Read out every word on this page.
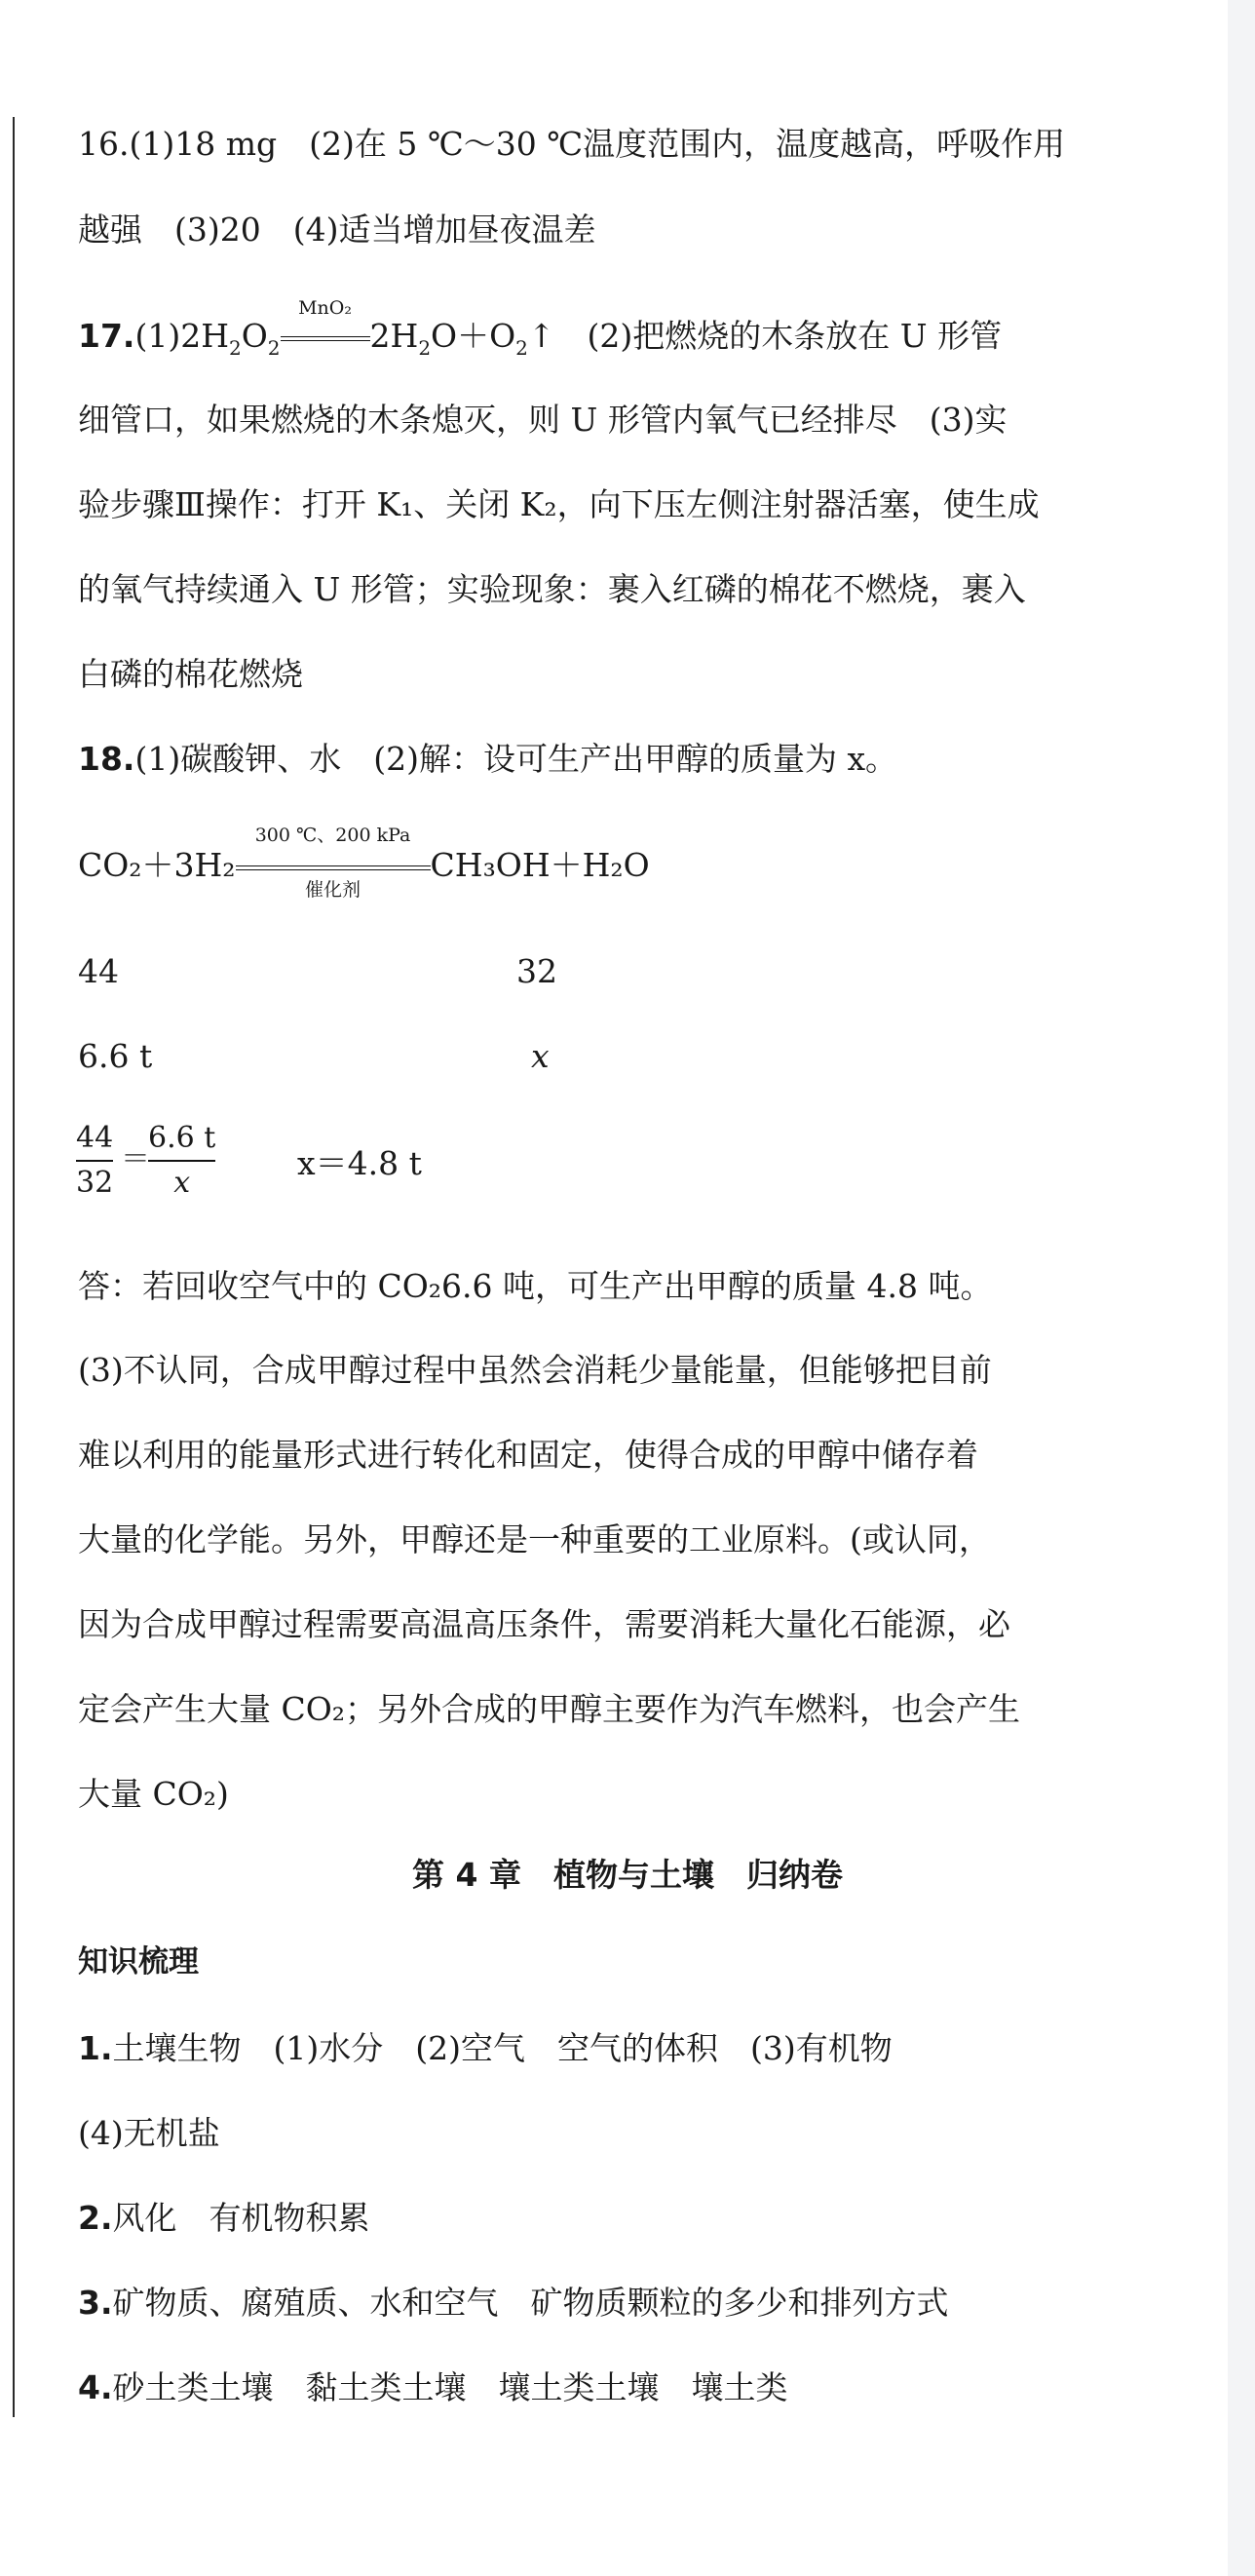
16.(1)18 mg　(2)在 5 ℃～30 ℃温度范围内，温度越高，呼吸作用
越强　(3)20　(4)适当增加昼夜温差
$17.(1)2H_2O_2$
MnO₂
$2H_2O+O_2↑$　(2)把燃烧的木条放在 U 形管
细管口，如果燃烧的木条熄灭，则 U 形管内氧气已经排尽　(3)实
验步骤Ⅲ操作：打开 K₁、关闭 K₂，向下压左侧注射器活塞，使生成
的氧气持续通入 U 形管；实验现象：裹入红磷的棉花不燃烧，裹入
白磷的棉花燃烧
18.(1)碳酸钾、水　(2)解：设可生产出甲醇的质量为 x。
CO₂＋3H₂
300 ℃、200 kPa
催化剂
CH₃OH＋H₂O
44	32
6.6 t	x
44
32
＝
6.6 t
x
x＝4.8 t
答：若回收空气中的 CO₂6.6 吨，可生产出甲醇的质量 4.8 吨。
(3)不认同，合成甲醇过程中虽然会消耗少量能量，但能够把目前
难以利用的能量形式进行转化和固定，使得合成的甲醇中储存着
大量的化学能。另外，甲醇还是一种重要的工业原料。(或认同，
因为合成甲醇过程需要高温高压条件，需要消耗大量化石能源，必
定会产生大量 CO₂；另外合成的甲醇主要作为汽车燃料，也会产生
大量 CO₂)
第 4 章　植物与土壤　归纳卷
知识梳理
1.土壤生物　(1)水分　(2)空气　空气的体积　(3)有机物
(4)无机盐
2.风化　有机物积累
3.矿物质、腐殖质、水和空气　矿物质颗粒的多少和排列方式
4.砂土类土壤　黏土类土壤　壤土类土壤　壤土类
